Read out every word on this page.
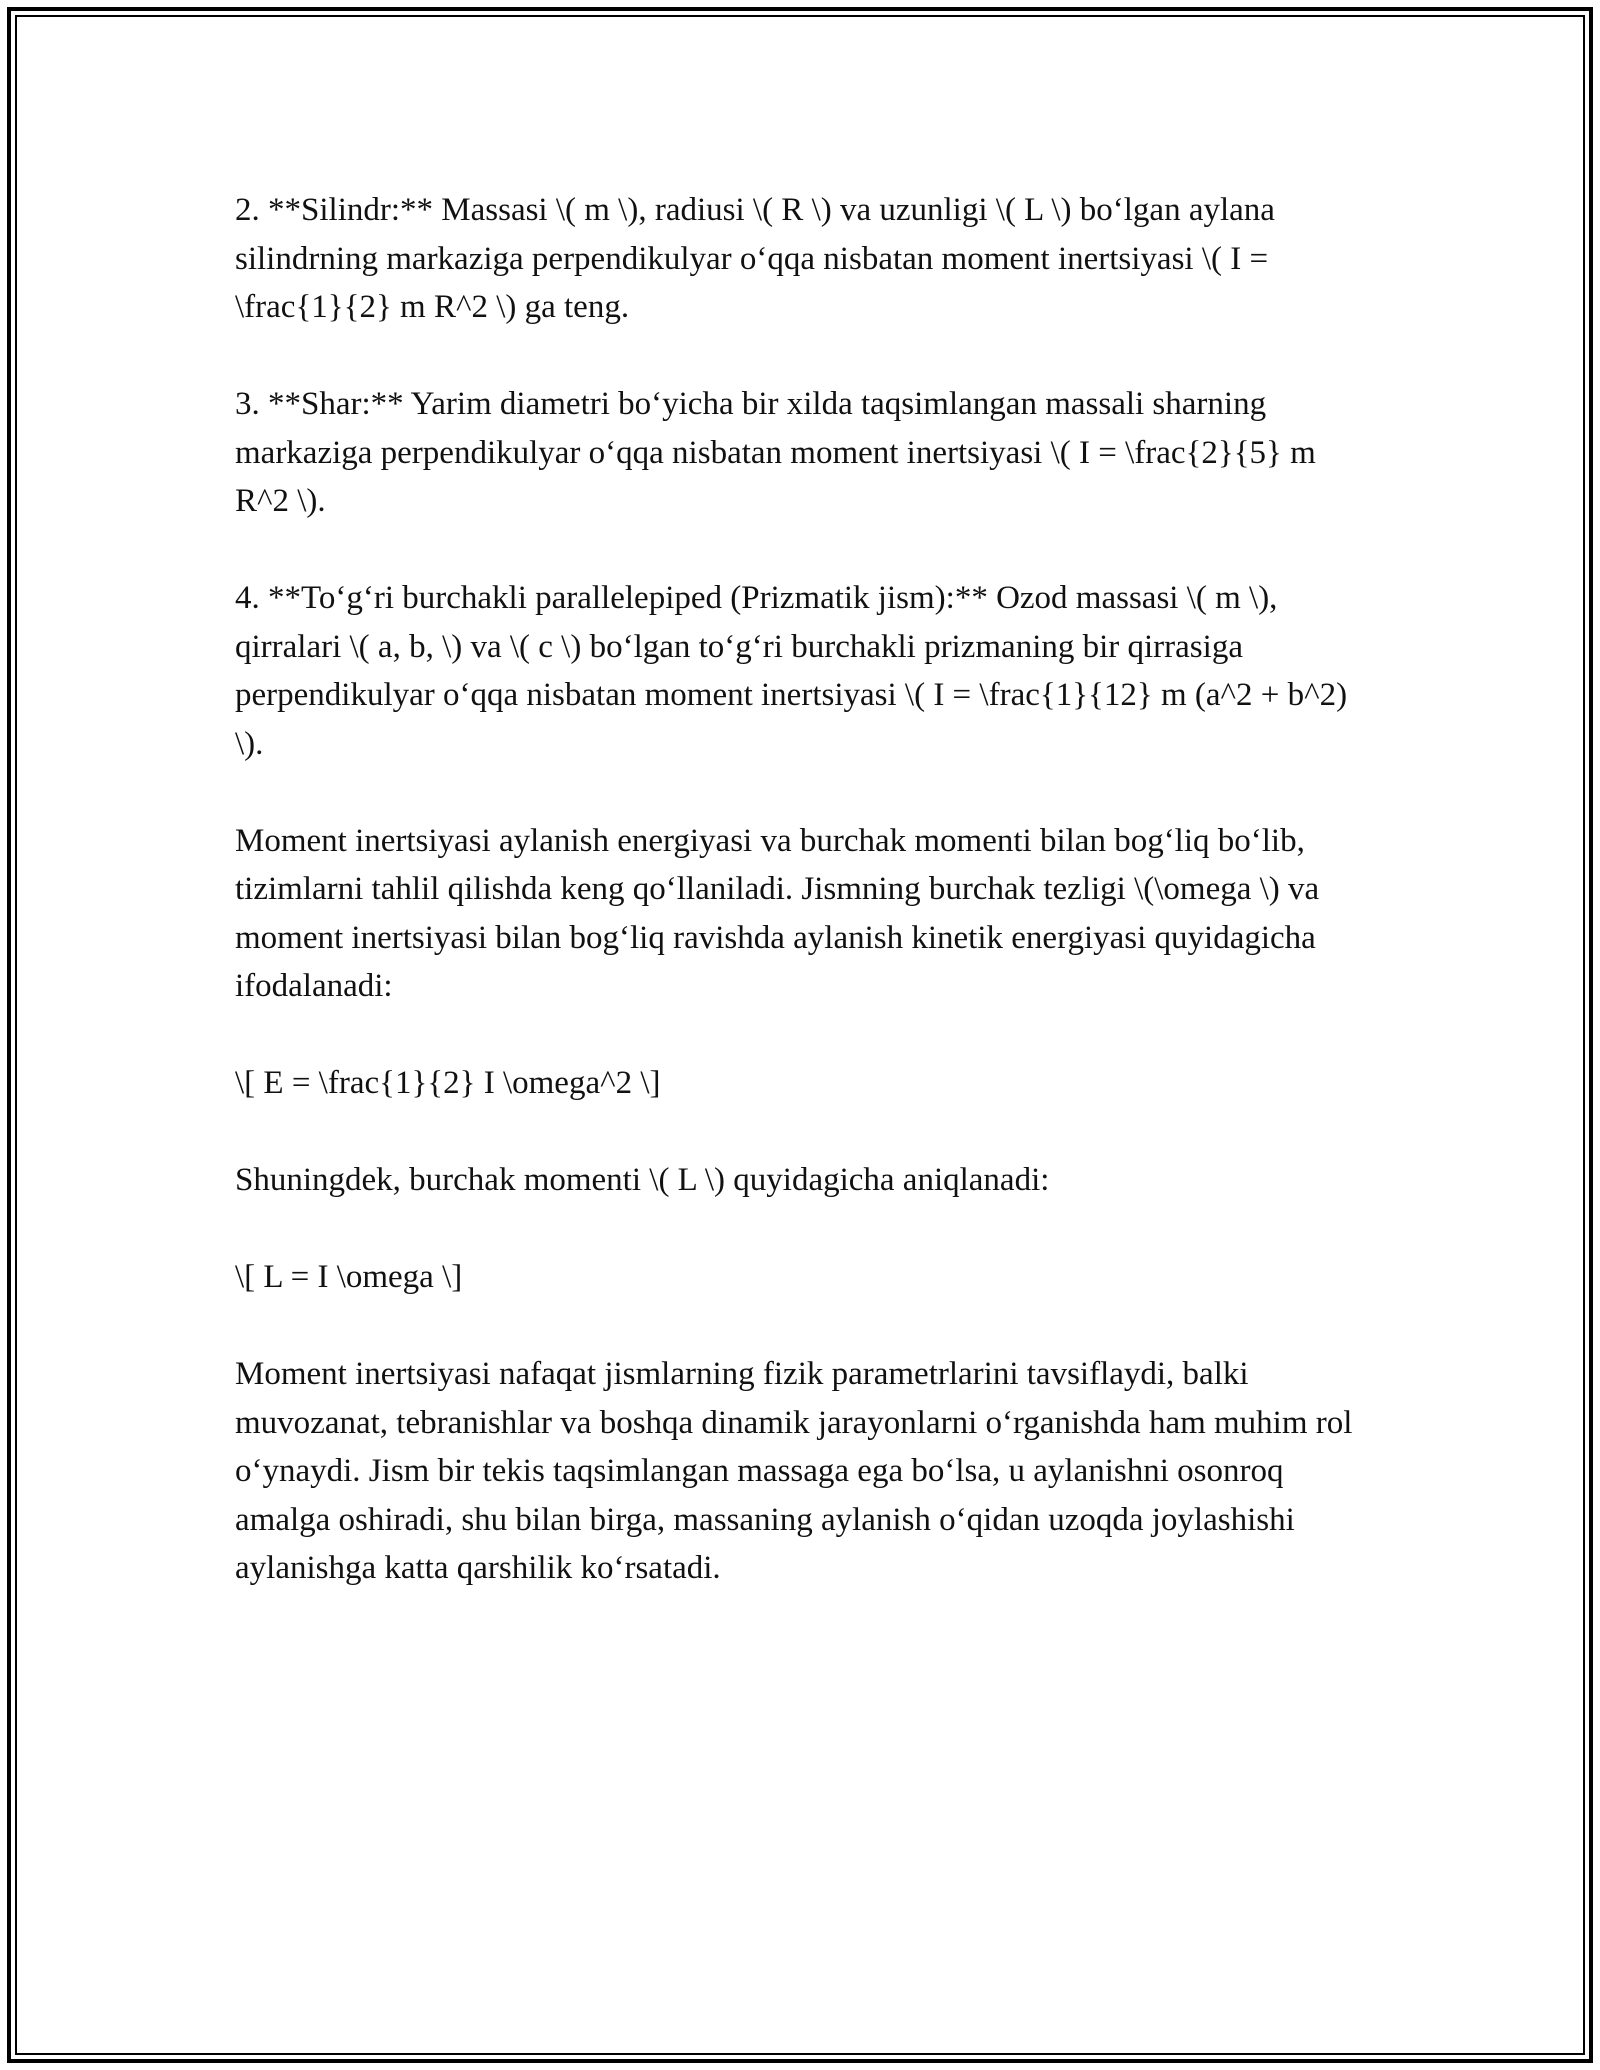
2. **Silindr:** Massasi \( m \), radiusi \( R \) va uzunligi \( L \) bo‘lgan aylana silindrning markaziga perpendikulyar o‘qqa nisbatan moment inertsiyasi \( I = \frac{1}{2} m R^2 \) ga teng.

3. **Shar:** Yarim diametri bo‘yicha bir xilda taqsimlangan massali sharning markaziga perpendikulyar o‘qqa nisbatan moment inertsiyasi \( I = \frac{2}{5} m R^2 \).

4. **To‘g‘ri burchakli parallelepiped (Prizmatik jism):** Ozod massasi \( m \), qirralari \( a, b, \) va \( c \) bo‘lgan to‘g‘ri burchakli prizmaning bir qirrasiga perpendikulyar o‘qqa nisbatan moment inertsiyasi \( I = \frac{1}{12} m (a^2 + b^2) \).

Moment inertsiyasi aylanish energiyasi va burchak momenti bilan bog‘liq bo‘lib, tizimlarni tahlil qilishda keng qo‘llaniladi. Jismning burchak tezligi \(\omega \) va moment inertsiyasi bilan bog‘liq ravishda aylanish kinetik energiyasi quyidagicha ifodalanadi:

\[ E = \frac{1}{2} I \omega^2 \]

Shuningdek, burchak momenti \( L \) quyidagicha aniqlanadi:

\[ L = I \omega \]

Moment inertsiyasi nafaqat jismlarning fizik parametrlarini tavsiflaydi, balki muvozanat, tebranishlar va boshqa dinamik jarayonlarni o‘rganishda ham muhim rol o‘ynaydi. Jism bir tekis taqsimlangan massaga ega bo‘lsa, u aylanishni osonroq amalga oshiradi, shu bilan birga, massaning aylanish o‘qidan uzoqda joylashishi aylanishga katta qarshilik ko‘rsatadi.
